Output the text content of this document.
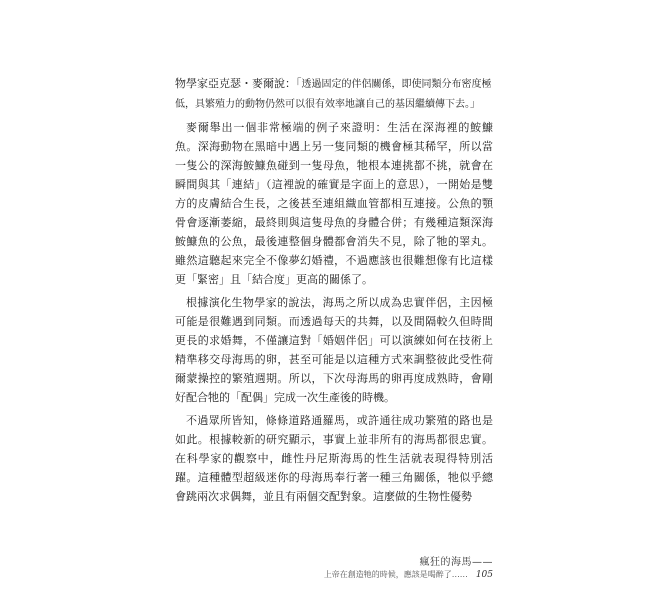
物學家亞克瑟・麥爾說：「透過固定的伴侶關係，即使同類分布密度極低，具繁殖力的動物仍然可以很有效率地讓自己的基因繼續傳下去。」

麥爾舉出一個非常極端的例子來證明：生活在深海裡的鮟鱇魚。深海動物在黑暗中遇上另一隻同類的機會極其稀罕，所以當一隻公的深海鮟鱇魚碰到一隻母魚，牠根本連挑都不挑，就會在瞬間與其「連結」（這裡說的確實是字面上的意思），一開始是雙方的皮膚結合生長，之後甚至連組織血管都相互連接。公魚的顎骨會逐漸萎縮，最終則與這隻母魚的身體合併；有幾種這類深海鮟鱇魚的公魚，最後連整個身體都會消失不見，除了牠的睪丸。雖然這聽起來完全不像夢幻婚禮，不過應該也很難想像有比這樣更「緊密」且「結合度」更高的關係了。

根據演化生物學家的說法，海馬之所以成為忠實伴侶，主因極可能是很難遇到同類。而透過每天的共舞，以及間隔較久但時間更長的求婚舞，不僅讓這對「婚姻伴侶」可以演練如何在技術上精準移交母海馬的卵，甚至可能是以這種方式來調整彼此受性荷爾蒙操控的繁殖週期。所以，下次母海馬的卵再度成熟時，會剛好配合牠的「配偶」完成一次生產後的時機。

不過眾所皆知，條條道路通羅馬，或許通往成功繁殖的路也是如此。根據較新的研究顯示，事實上並非所有的海馬都很忠實。在科學家的觀察中，雌性丹尼斯海馬的性生活就表現得特別活躍。這種體型超級迷你的母海馬奉行著一種三角關係，牠似乎總會跳兩次求偶舞，並且有兩個交配對象。這麼做的生物性優勢

瘋狂的海馬——
上帝在創造牠的時候，應該是喝醉了…… 105
